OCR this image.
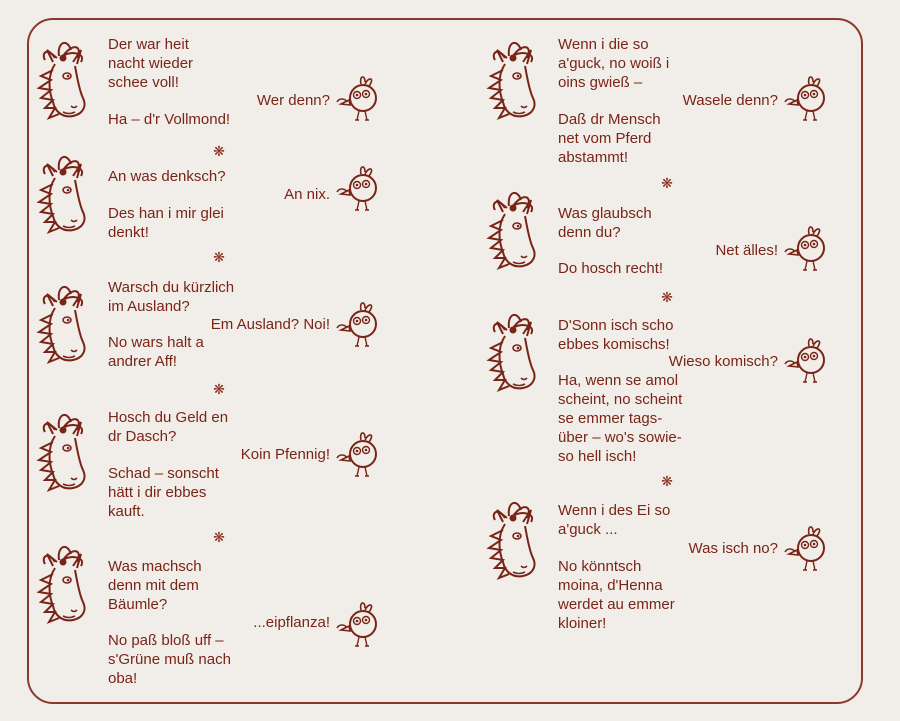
Der war heit
nacht wieder
schee voll!
Wer denn?
Ha – d'r Vollmond!
❋
An was denksch?
An nix.
Des han i mir glei
denkt!
❋
Warsch du kürzlich
im Ausland?
Em Ausland? Noi!
No wars halt a
andrer Aff!
❋
Hosch du Geld en
dr Dasch?
Koin Pfennig!
Schad – sonscht
hätt i dir ebbes
kauft.
❋
Was machsch
denn mit dem
Bäumle?
...eipflanza!
No paß bloß uff –
s'Grüne muß nach
oba!
Wenn i die so
a'guck, no woiß i
oins gwieß –
Wasele denn?
Daß dr Mensch
net vom Pferd
abstammt!
❋
Was glaubsch
denn du?
Net älles!
Do hosch recht!
❋
D'Sonn isch scho
ebbes komischs!
Wieso komisch?
Ha, wenn se amol
scheint, no scheint
se emmer tags-
über – wo's sowie-
so hell isch!
❋
Wenn i des Ei so
a'guck ...
Was isch no?
No könntsch
moina, d'Henna
werdet au emmer
kloiner!
